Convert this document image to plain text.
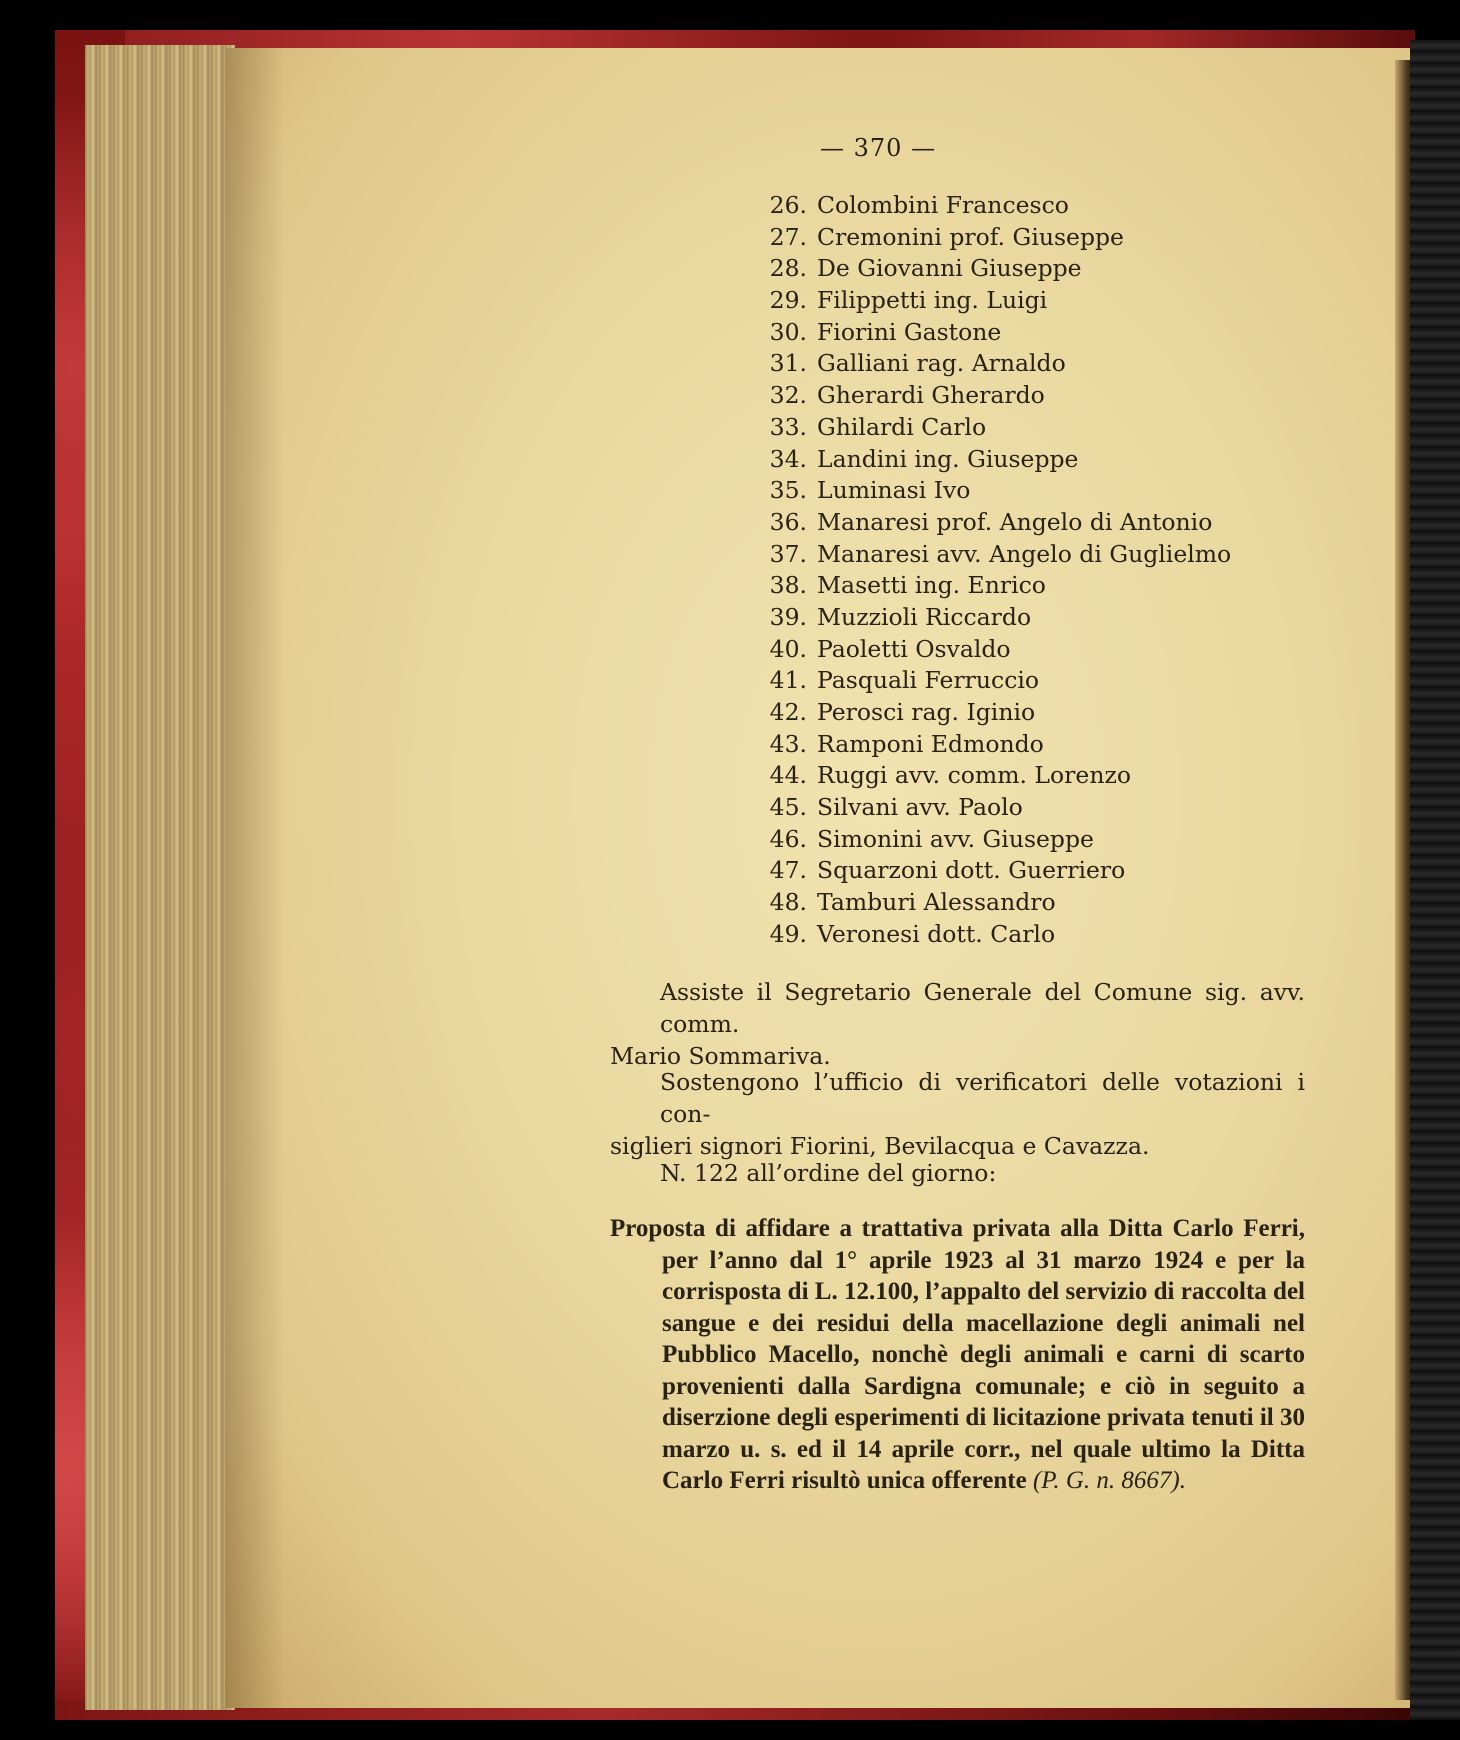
— 370 —
26. Colombini Francesco
27. Cremonini prof. Giuseppe
28. De Giovanni Giuseppe
29. Filippetti ing. Luigi
30. Fiorini Gastone
31. Galliani rag. Arnaldo
32. Gherardi Gherardo
33. Ghilardi Carlo
34. Landini ing. Giuseppe
35. Luminasi Ivo
36. Manaresi prof. Angelo di Antonio
37. Manaresi avv. Angelo di Guglielmo
38. Masetti ing. Enrico
39. Muzzioli Riccardo
40. Paoletti Osvaldo
41. Pasquali Ferruccio
42. Perosci rag. Iginio
43. Ramponi Edmondo
44. Ruggi avv. comm. Lorenzo
45. Silvani avv. Paolo
46. Simonini avv. Giuseppe
47. Squarzoni dott. Guerriero
48. Tamburi Alessandro
49. Veronesi dott. Carlo
Assiste il Segretario Generale del Comune sig. avv. comm.
Mario Sommariva.
Sostengono l’ufficio di verificatori delle votazioni i con-
siglieri signori Fiorini, Bevilacqua e Cavazza.
N. 122 all’ordine del giorno:
Proposta di affidare a trattativa privata alla Ditta Carlo Ferri, per l’anno dal 1° aprile 1923 al 31 marzo 1924 e per la corrisposta di L. 12.100, l’appalto del servizio di raccolta del sangue e dei residui della macellazione degli animali nel Pubblico Macello, nonchè degli animali e carni di scarto provenienti dalla Sardigna comunale; e ciò in seguito a diserzione degli esperimenti di licitazione privata tenuti il 30 marzo u. s. ed il 14 aprile corr., nel quale ultimo la Ditta Carlo Ferri risultò unica offerente (P. G. n. 8667).
